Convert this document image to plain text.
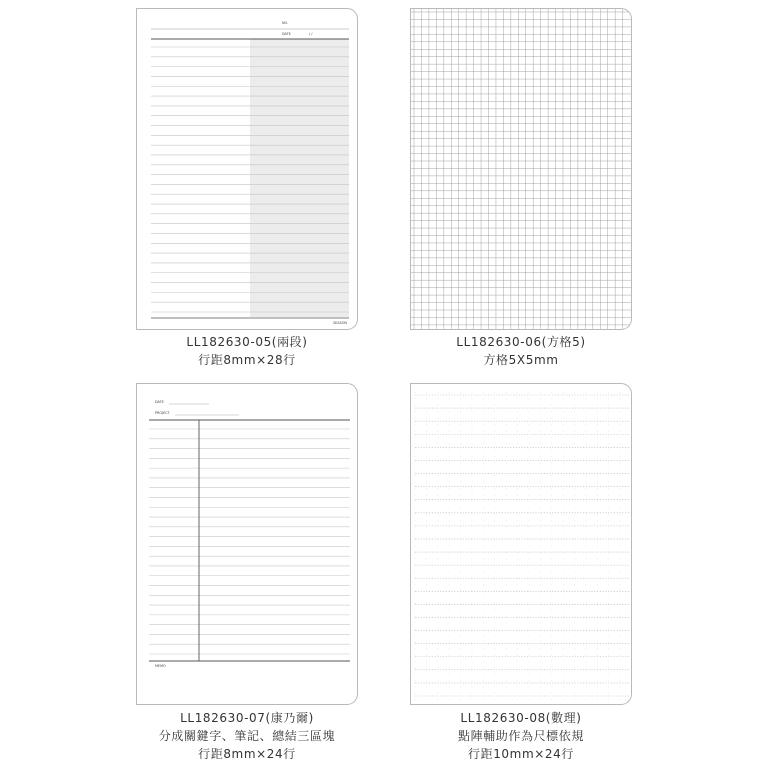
NO.
DATE	/ /
SEASON
LL182630-05(兩段)
行距8mm×28行
LL182630-06(方格5)
方格5X5mm
DATE
PROJECT
MEMO
LL182630-07(康乃爾)
分成關鍵字、筆記、總結三區塊
行距8mm×24行
LL182630-08(數理)
點陣輔助作為尺標依規
行距10mm×24行
